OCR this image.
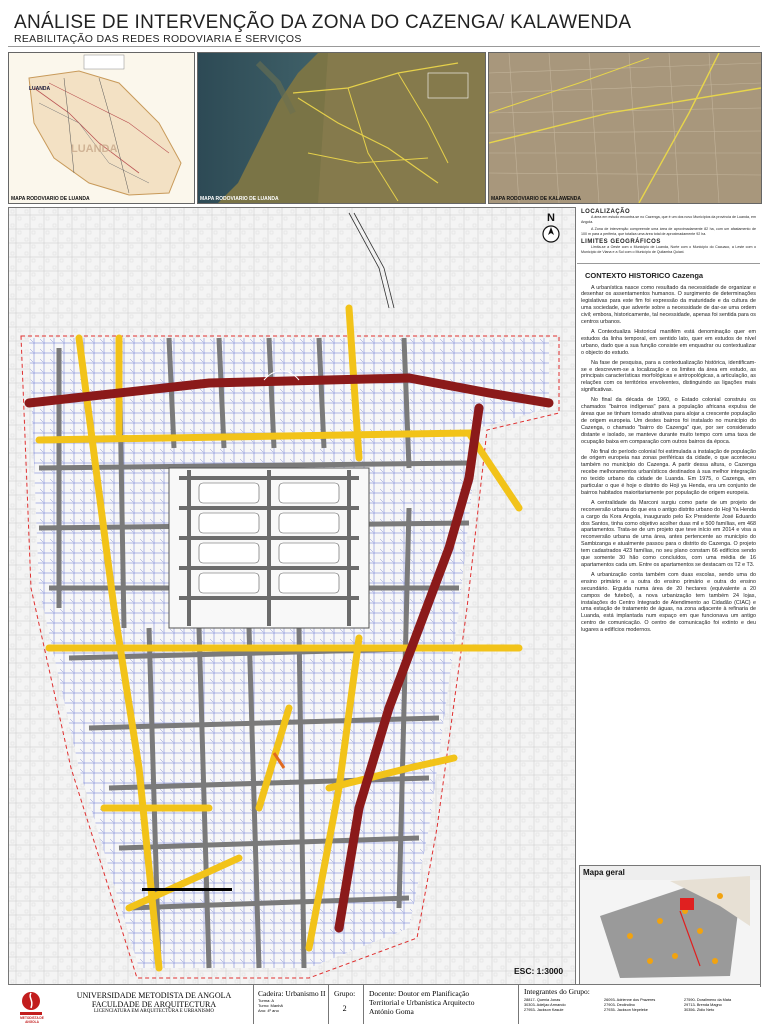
ANÁLISE DE INTERVENÇÃO DA ZONA DO CAZENGA/ KALAWENDA
REABILITAÇÃO DAS REDES RODOVIARIA E SERVIÇOS
LUANDA
LUANDA
MAPA RODOVIARIO DE LUANDA	MAPA RODOVIARIO DE LUANDA	MAPA RODOVIARIO DE KALAWENDA
N
ESC: 1:3000
LOCALIZAÇÃO

A área em estudo encontra-se no Cazenga, que é um dos novo Municípios da província de Luanda, em Angola.

A Zona de intervenção compreende uma área de aproximadamente 82 ha, com um afastamento de 100 m para a periferia, que totaliza uma área total de aproximadamente 92 ha.

LIMITES GEOGRÁFICOS

Limita-se a Oeste com o Município de Luanda, Norte com o Município do Cacuaco, a Leste com o Município de Viana e a Sul com o Município de Quilamba Quiaxi.

CONTEXTO HISTORICO Cazenga

A urbanística nasce como resultado da necessidade de organizar e desenhar os assentamentos humanos. O surgimento de determinações legislativas para este fim foi expressão da maturidade e da cultura de uma sociedade, que adverte sobre a necessidade de dar-se uma ordem civil; embora, historicamente, tal necessidade, apenas foi sentida para os centros urbanos.

A Contextualiza Historical manifém está denominação quer em estudos da linha temporal, em sentido lato, quer em estudos de nível urbano, dado que a sua função consiste em enquadrar ou contextualizar o objecto do estudo.

Na fase de pesquisa, para a contextualização histórica, identificam-se e descrevem-se a localização e os limites da área em estudo, as principais características morfológicas e antropológicas, a articulação, as relações com os territórios envolventes, distinguindo as ligações mais significativas.

No final da década de 1960, o Estado colonial construiu os chamados "bairros indígenas" para a população africana expulsa de áreas que se tinham tornado atrativas para alojar a crescente população de origem europeia. Um destes bairros foi instalado no município do Cazenga, o chamado "bairro do Cazenga" que, por ser considerado distante e isolado, se manteve durante muito tempo com uma taxa de ocupação baixa em comparação com outros bairros da época.

No final do período colonial foi estimulada a instalação de população de origem europeia nas zonas periféricas da cidade, o que aconteceu também no município do Cazenga. A partir dessa altura, o Cazenga recebe melhoramentos urbanísticos destinados à sua melhor integração no tecido urbano da cidade de Luanda. Em 1975, o Cazenga, em particular o que é hoje o distrito do Hoji ya Henda, era um conjunto de bairros habitados maioritariamente por população de origem europeia.

A centralidade da Marconi surgiu como parte de um projeto de reconversão urbana do que era o antigo distrito urbano do Hoji Ya Henda a cargo da Kora Angola, inaugurado pelo Ex Presidente José Eduardo dos Santos, tinha como objetivo acolher duas mil e 500 famílias, em 468 apartamentos. Trata-se de um projeto que teve início em 2014 e visa a reconversão urbana de uma área, antes pertencente ao município do Sambizanga e atualmente passou para o distrito do Cazenga. O projeto tem cadastrados 423 famílias, no seu plano constam 66 edifícios sendo que somente 30 hão como concluídos, com uma média de 16 apartamentos cada um. Entre os apartamentos se destacam os T2 e T3.

A urbanização conta também com duas escolas, sendo uma do ensino primário e a outra do ensino primário e outra do ensino secundário. Erguida numa área de 20 hectares (equivalente a 20 campos de futebol), a nova urbanização tem também 24 lojas, instalações do Centro Integrado de Atendimento ao Cidadão (CIAC) e uma estação de tratamento de águas, na zona adjacente à refinaria de Luanda, está implantada num espaço em que funcionava um antigo centro de comunicação. O centro de comunicação foi extinto e deu lugares a edifícios modernos.

Mapa geral
METODISTA DE ANGOLA
UNIVERSIDADE METODISTA DE ANGOLA
FACULDADE DE ARQUITECTURA
LICENCIATURA EM ARQUITECTURA E URBANISMO
Cadeira: Urbanismo II
Turma: A
Turno: Manhã
Ano: 4º ano
Grupo:
2
Docente: Doutor em Planificação
Territorial e Urbanística Arquitecto
António Goma
Integrantes do Grupo:
28817- Quenia Jonas	26093- Adrienne dos Prazeres	27590- Doralimeno da Mata
30303- Adeljao Armando	27903- Deolindino	29713- Brenda Magno
27953- Jackson Kasule	27935- Jackson Nepeleke	30356- Zidio Neto
